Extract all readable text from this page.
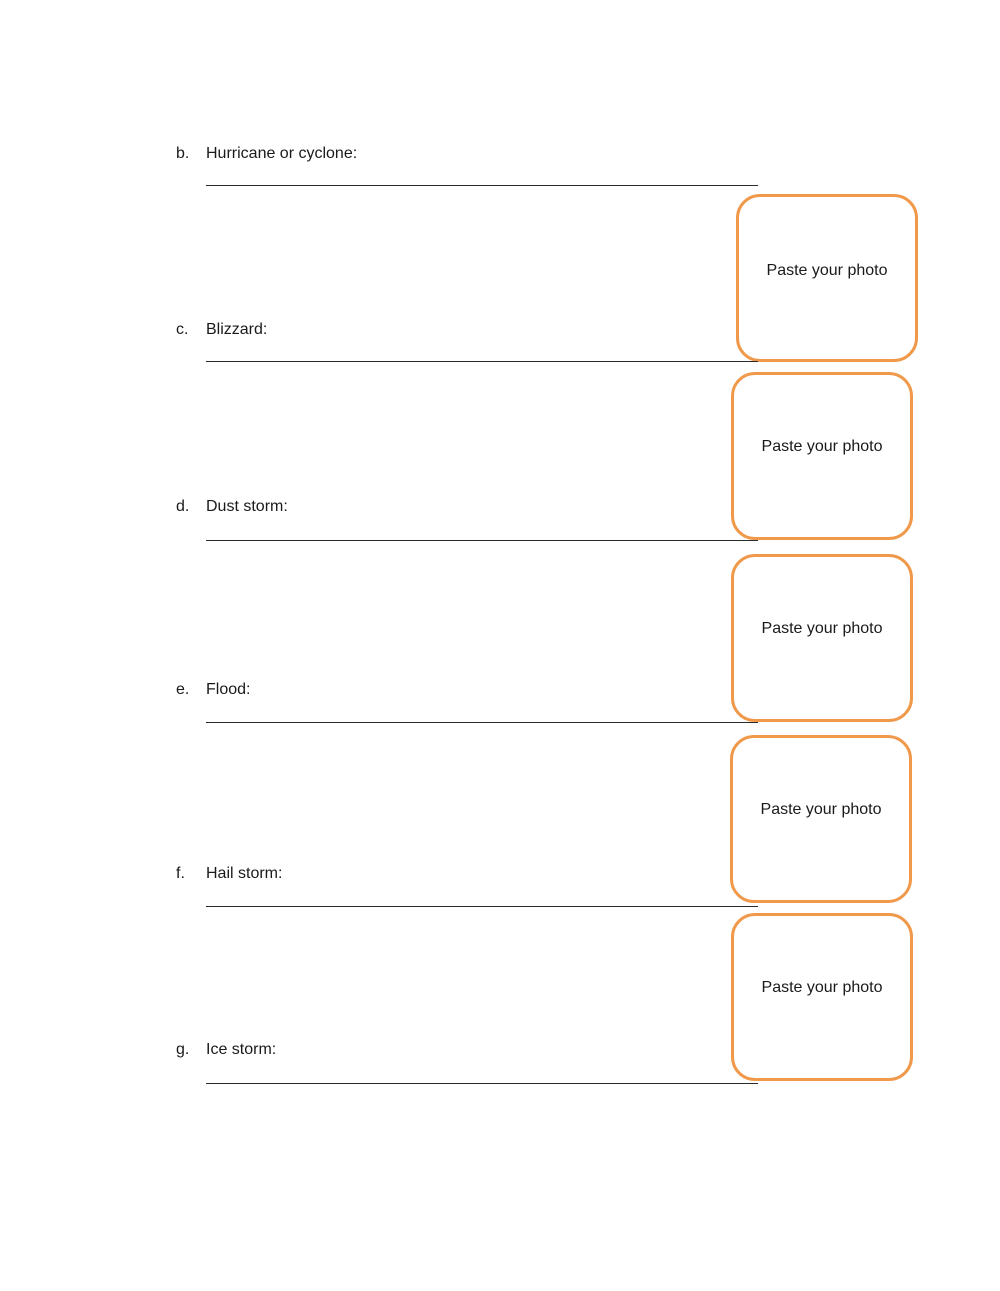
b. Hurricane or cyclone:
Paste your photo
c. Blizzard:
Paste your photo
d. Dust storm:
Paste your photo
e. Flood:
Paste your photo
f. Hail storm:
Paste your photo
g. Ice storm:
